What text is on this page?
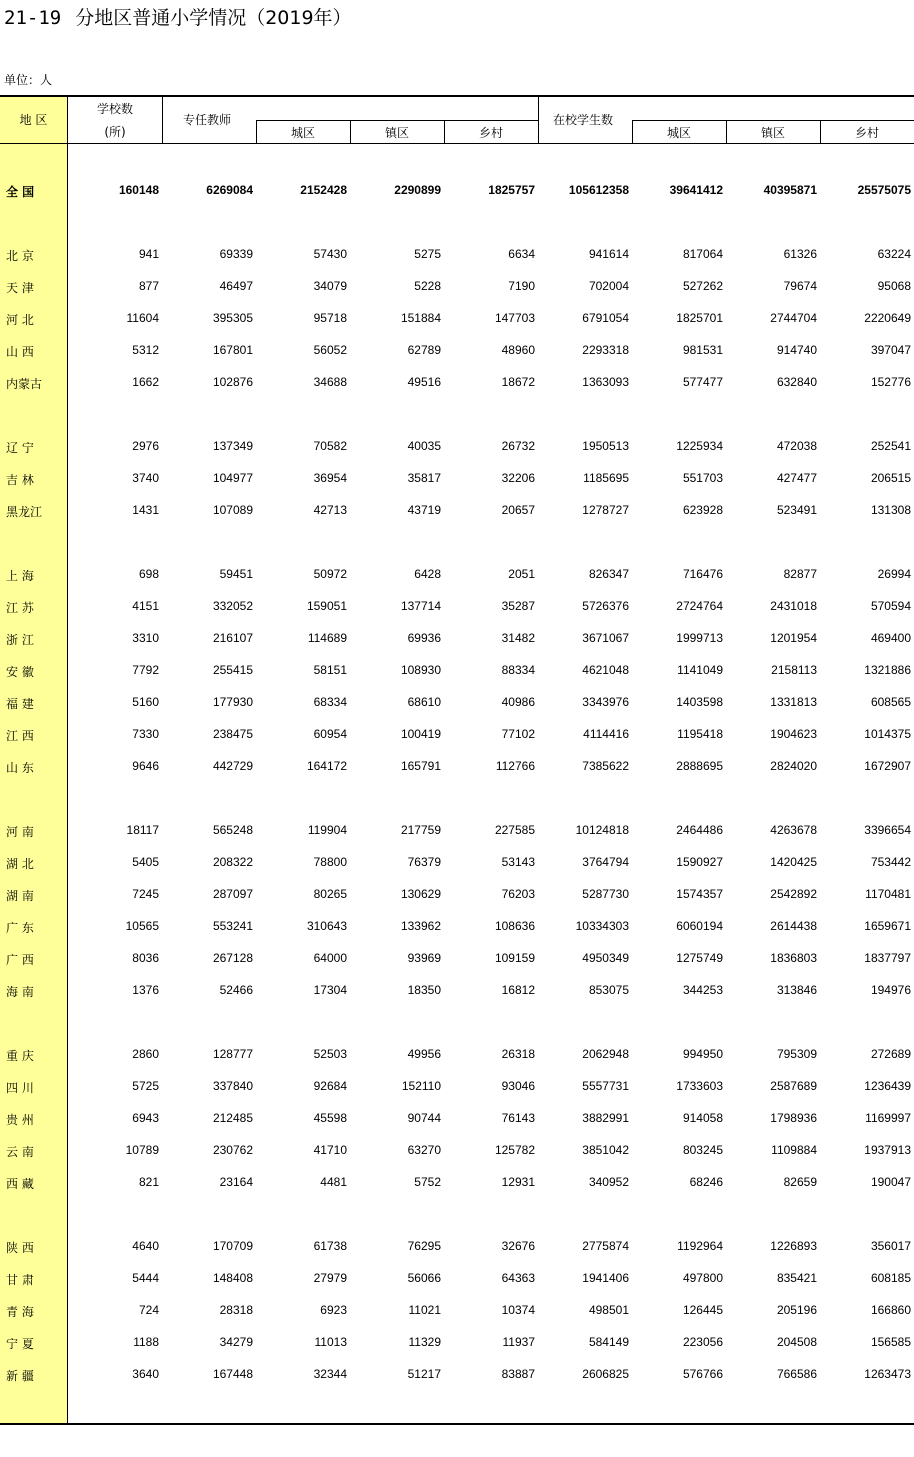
21-19 分地区普通小学情况（2019年）
单位：人
地 区
学校数
(所)
专任教师
城区	镇区	乡村
在校学生数
城区	镇区	乡村
全 国	160148	6269084	2152428	2290899	1825757	105612358	39641412	40395871	25575075
北 京	941	69339	57430	5275	6634	941614	817064	61326	63224
天 津	877	46497	34079	5228	7190	702004	527262	79674	95068
河 北	11604	395305	95718	151884	147703	6791054	1825701	2744704	2220649
山 西	5312	167801	56052	62789	48960	2293318	981531	914740	397047
内蒙古	1662	102876	34688	49516	18672	1363093	577477	632840	152776
辽 宁	2976	137349	70582	40035	26732	1950513	1225934	472038	252541
吉 林	3740	104977	36954	35817	32206	1185695	551703	427477	206515
黑龙江	1431	107089	42713	43719	20657	1278727	623928	523491	131308
上 海	698	59451	50972	6428	2051	826347	716476	82877	26994
江 苏	4151	332052	159051	137714	35287	5726376	2724764	2431018	570594
浙 江	3310	216107	114689	69936	31482	3671067	1999713	1201954	469400
安 徽	7792	255415	58151	108930	88334	4621048	1141049	2158113	1321886
福 建	5160	177930	68334	68610	40986	3343976	1403598	1331813	608565
江 西	7330	238475	60954	100419	77102	4114416	1195418	1904623	1014375
山 东	9646	442729	164172	165791	112766	7385622	2888695	2824020	1672907
河 南	18117	565248	119904	217759	227585	10124818	2464486	4263678	3396654
湖 北	5405	208322	78800	76379	53143	3764794	1590927	1420425	753442
湖 南	7245	287097	80265	130629	76203	5287730	1574357	2542892	1170481
广 东	10565	553241	310643	133962	108636	10334303	6060194	2614438	1659671
广 西	8036	267128	64000	93969	109159	4950349	1275749	1836803	1837797
海 南	1376	52466	17304	18350	16812	853075	344253	313846	194976
重 庆	2860	128777	52503	49956	26318	2062948	994950	795309	272689
四 川	5725	337840	92684	152110	93046	5557731	1733603	2587689	1236439
贵 州	6943	212485	45598	90744	76143	3882991	914058	1798936	1169997
云 南	10789	230762	41710	63270	125782	3851042	803245	1109884	1937913
西 藏	821	23164	4481	5752	12931	340952	68246	82659	190047
陕 西	4640	170709	61738	76295	32676	2775874	1192964	1226893	356017
甘 肃	5444	148408	27979	56066	64363	1941406	497800	835421	608185
青 海	724	28318	6923	11021	10374	498501	126445	205196	166860
宁 夏	1188	34279	11013	11329	11937	584149	223056	204508	156585
新 疆	3640	167448	32344	51217	83887	2606825	576766	766586	1263473
